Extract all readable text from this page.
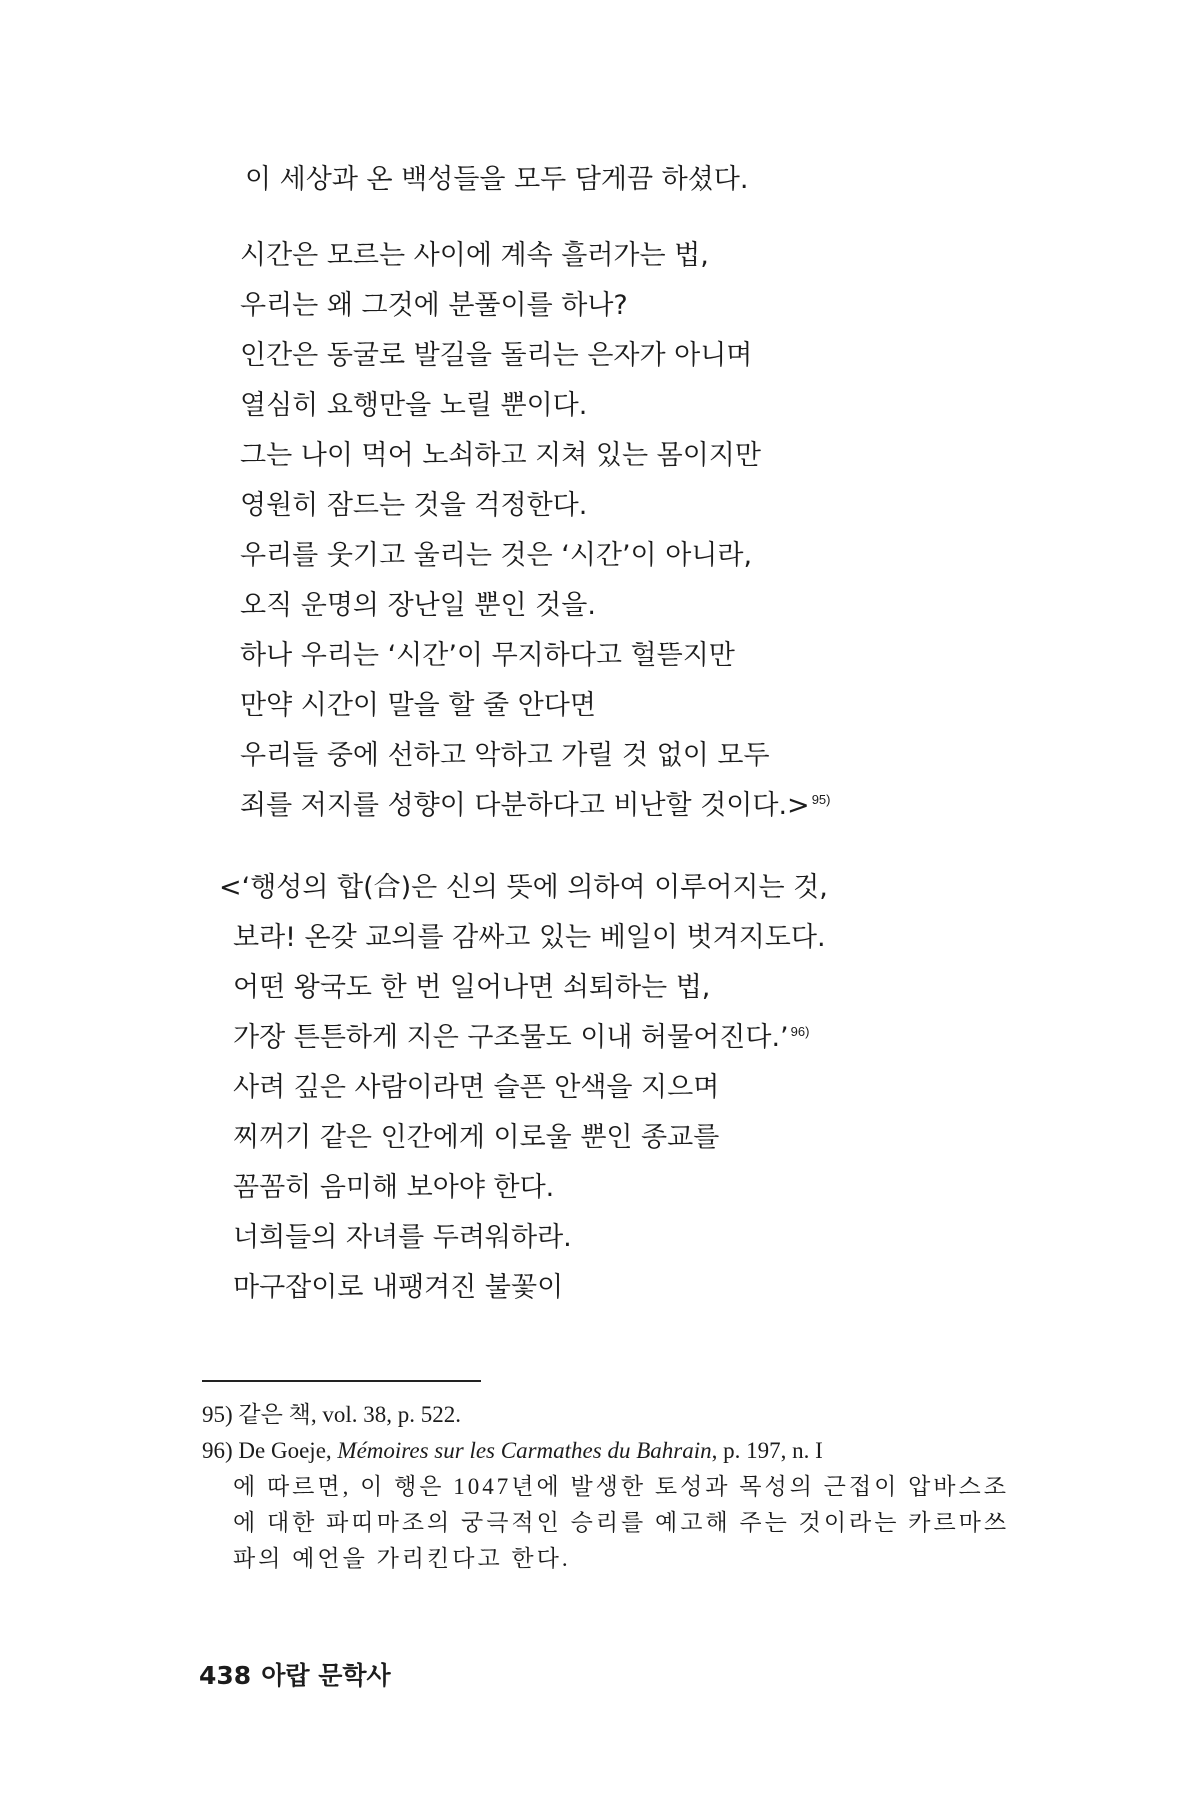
이 세상과 온 백성들을 모두 담게끔 하셨다.
시간은 모르는 사이에 계속 흘러가는 법,
우리는 왜 그것에 분풀이를 하나?
인간은 동굴로 발길을 돌리는 은자가 아니며
열심히 요행만을 노릴 뿐이다.
그는 나이 먹어 노쇠하고 지쳐 있는 몸이지만
영원히 잠드는 것을 걱정한다.
우리를 웃기고 울리는 것은 ‘시간’이 아니라,
오직 운명의 장난일 뿐인 것을.
하나 우리는 ‘시간’이 무지하다고 헐뜯지만
만약 시간이 말을 할 줄 안다면
우리들 중에 선하고 악하고 가릴 것 없이 모두
죄를 저지를 성향이 다분하다고 비난할 것이다.> $^{95)}$
<‘행성의 합(合)은 신의 뜻에 의하여 이루어지는 것,
보라! 온갖 교의를 감싸고 있는 베일이 벗겨지도다.
어떤 왕국도 한 번 일어나면 쇠퇴하는 법,
가장 튼튼하게 지은 구조물도 이내 허물어진다.’ $^{96)}$
사려 깊은 사람이라면 슬픈 안색을 지으며
찌꺼기 같은 인간에게 이로울 뿐인 종교를
꼼꼼히 음미해 보아야 한다.
너희들의 자녀를 두려워하라.
마구잡이로 내팽겨진 불꽃이
95) 같은 책, vol. 38, p. 522.
96) De Goeje, Mémoires sur les Carmathes du Bahrain, p. 197, n. I
에 따르면, 이 행은 1047년에 발생한 토성과 목성의 근접이 압바스조
에 대한 파띠마조의 궁극적인 승리를 예고해 주는 것이라는 카르마쓰
파의 예언을 가리킨다고 한다.
438 아랍 문학사
